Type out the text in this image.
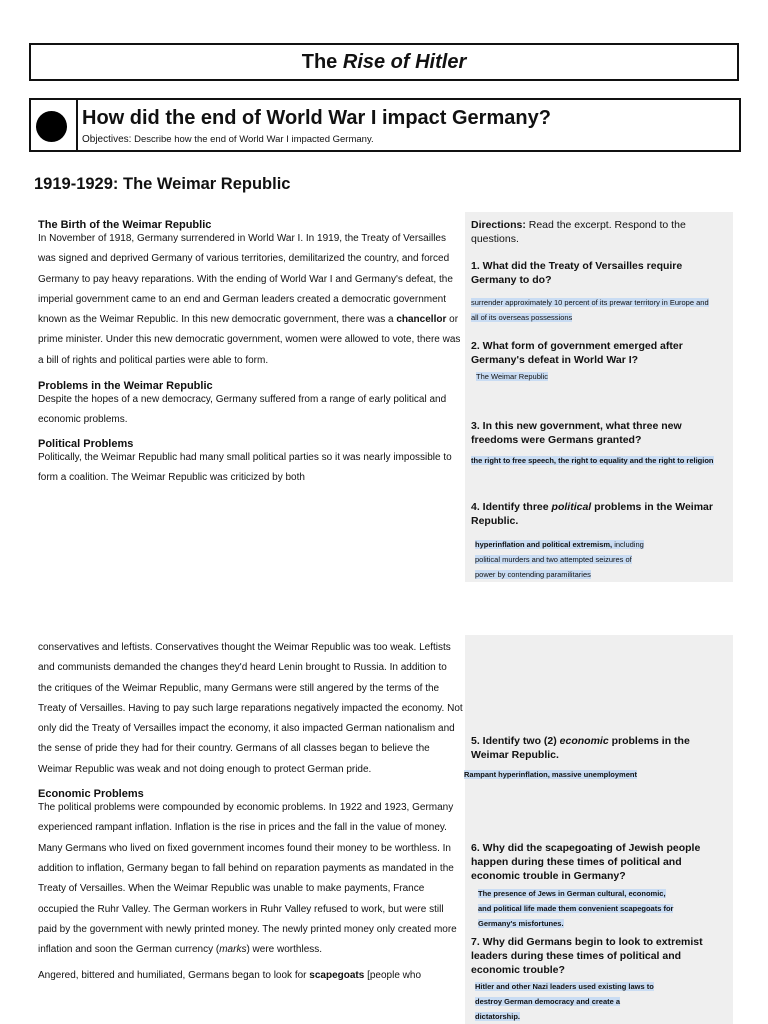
The Rise of Hitler
How did the end of World War I impact Germany?
Objectives: Describe how the end of World War I impacted Germany.
1919-1929: The Weimar Republic
The Birth of the Weimar Republic
In November of 1918, Germany surrendered in World War I. In 1919, the Treaty of Versailles was signed and deprived Germany of various territories, demilitarized the country, and forced Germany to pay heavy reparations. With the ending of World War I and Germany's defeat, the imperial government came to an end and German leaders created a democratic government known as the Weimar Republic. In this new democratic government, there was a chancellor or prime minister. Under this new democratic government, women were allowed to vote, there was a bill of rights and political parties were able to form.
Problems in the Weimar Republic
Despite the hopes of a new democracy, Germany suffered from a range of early political and economic problems.
Political Problems
Politically, the Weimar Republic had many small political parties so it was nearly impossible to form a coalition. The Weimar Republic was criticized by both
conservatives and leftists. Conservatives thought the Weimar Republic was too weak. Leftists and communists demanded the changes they'd heard Lenin brought to Russia. In addition to the critiques of the Weimar Republic, many Germans were still angered by the terms of the Treaty of Versailles. Having to pay such large reparations negatively impacted the economy. Not only did the Treaty of Versailles impact the economy, it also impacted German nationalism and the sense of pride they had for their country. Germans of all classes began to believe the Weimar Republic was weak and not doing enough to protect German pride.
Economic Problems
The political problems were compounded by economic problems. In 1922 and 1923, Germany experienced rampant inflation. Inflation is the rise in prices and the fall in the value of money. Many Germans who lived on fixed government incomes found their money to be worthless. In addition to inflation, Germany began to fall behind on reparation payments as mandated in the Treaty of Versailles. When the Weimar Republic was unable to make payments, France occupied the Ruhr Valley. The German workers in Ruhr Valley refused to work, but were still paid by the government with newly printed money. The newly printed money only created more inflation and soon the German currency (marks) were worthless.
Angered, bittered and humiliated, Germans began to look for scapegoats [people who
Directions: Read the excerpt. Respond to the questions.
1. What did the Treaty of Versailles require Germany to do?
surrender approximately 10 percent of its prewar territory in Europe and
all of its overseas possessions
2. What form of government emerged after Germany's defeat in World War I?
The Weimar Republic
3. In this new government, what three new freedoms were Germans granted?
the right to free speech, the right to equality and the right to religion
4. Identify three political problems in the Weimar Republic.
hyperinflation and political extremism, including
political murders and two attempted seizures of
power by contending paramilitaries
5. Identify two (2) economic problems in the Weimar Republic.
Rampant hyperinflation, massive unemployment
6. Why did the scapegoating of Jewish people happen during these times of political and economic trouble in Germany?
The presence of Jews in German cultural, economic,
and political life made them convenient scapegoats for
Germany's misfortunes.
7. Why did Germans begin to look to extremist leaders during these times of political and economic trouble?
Hitler and other Nazi leaders used existing laws to
destroy German democracy and create a
dictatorship.
